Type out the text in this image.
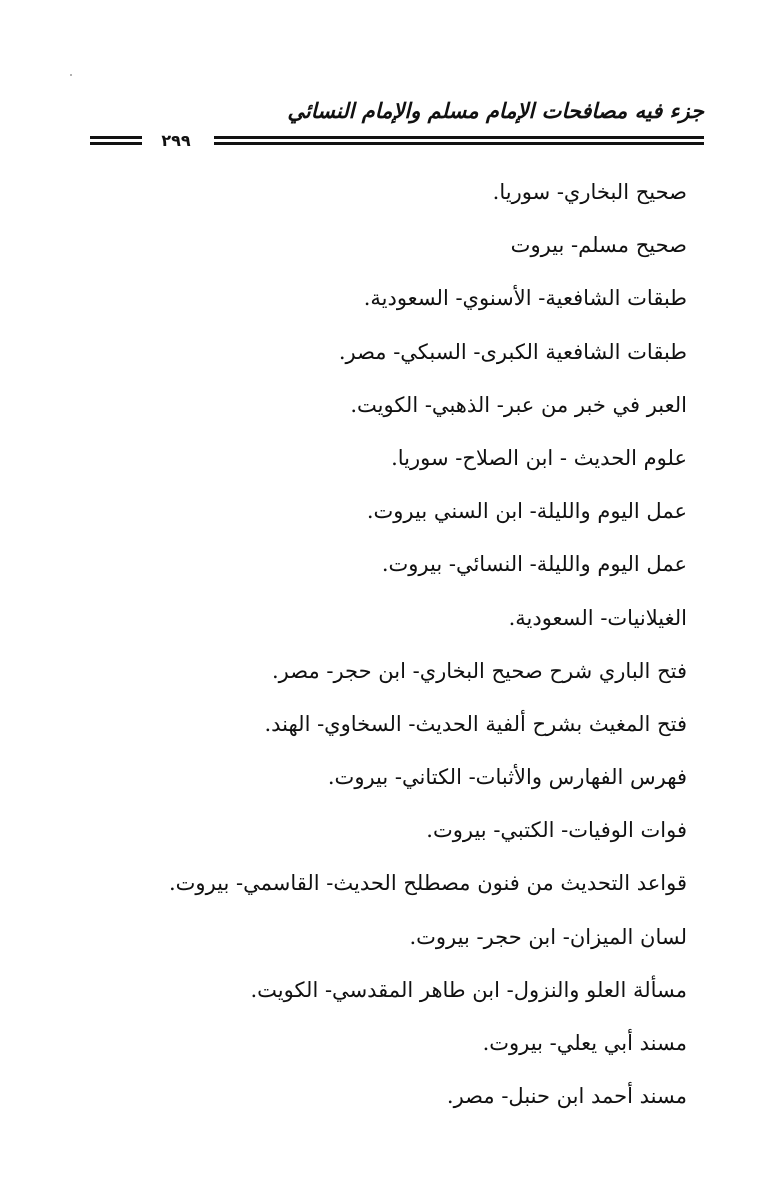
جزء فيه مصافحات الإمام مسلم والإمام النسائي
٢٩٩
صحيح البخاري- سوريا.
صحيح مسلم- بيروت
طبقات الشافعية- الأسنوي- السعودية.
طبقات الشافعية الكبرى- السبكي- مصر.
العبر في خبر من عبر- الذهبي- الكويت.
علوم الحديث - ابن الصلاح- سوريا.
عمل اليوم والليلة- ابن السني بيروت.
عمل اليوم والليلة- النسائي- بيروت.
الغيلانيات- السعودية.
فتح الباري شرح صحيح البخاري- ابن حجر- مصر.
فتح المغيث بشرح ألفية الحديث- السخاوي- الهند.
فهرس الفهارس والأثبات- الكتاني- بيروت.
فوات الوفيات- الكتبي- بيروت.
قواعد التحديث من فنون مصطلح الحديث- القاسمي- بيروت.
لسان الميزان- ابن حجر- بيروت.
مسألة العلو والنزول- ابن طاهر المقدسي- الكويت.
مسند أبي يعلي- بيروت.
مسند أحمد ابن حنبل- مصر.
